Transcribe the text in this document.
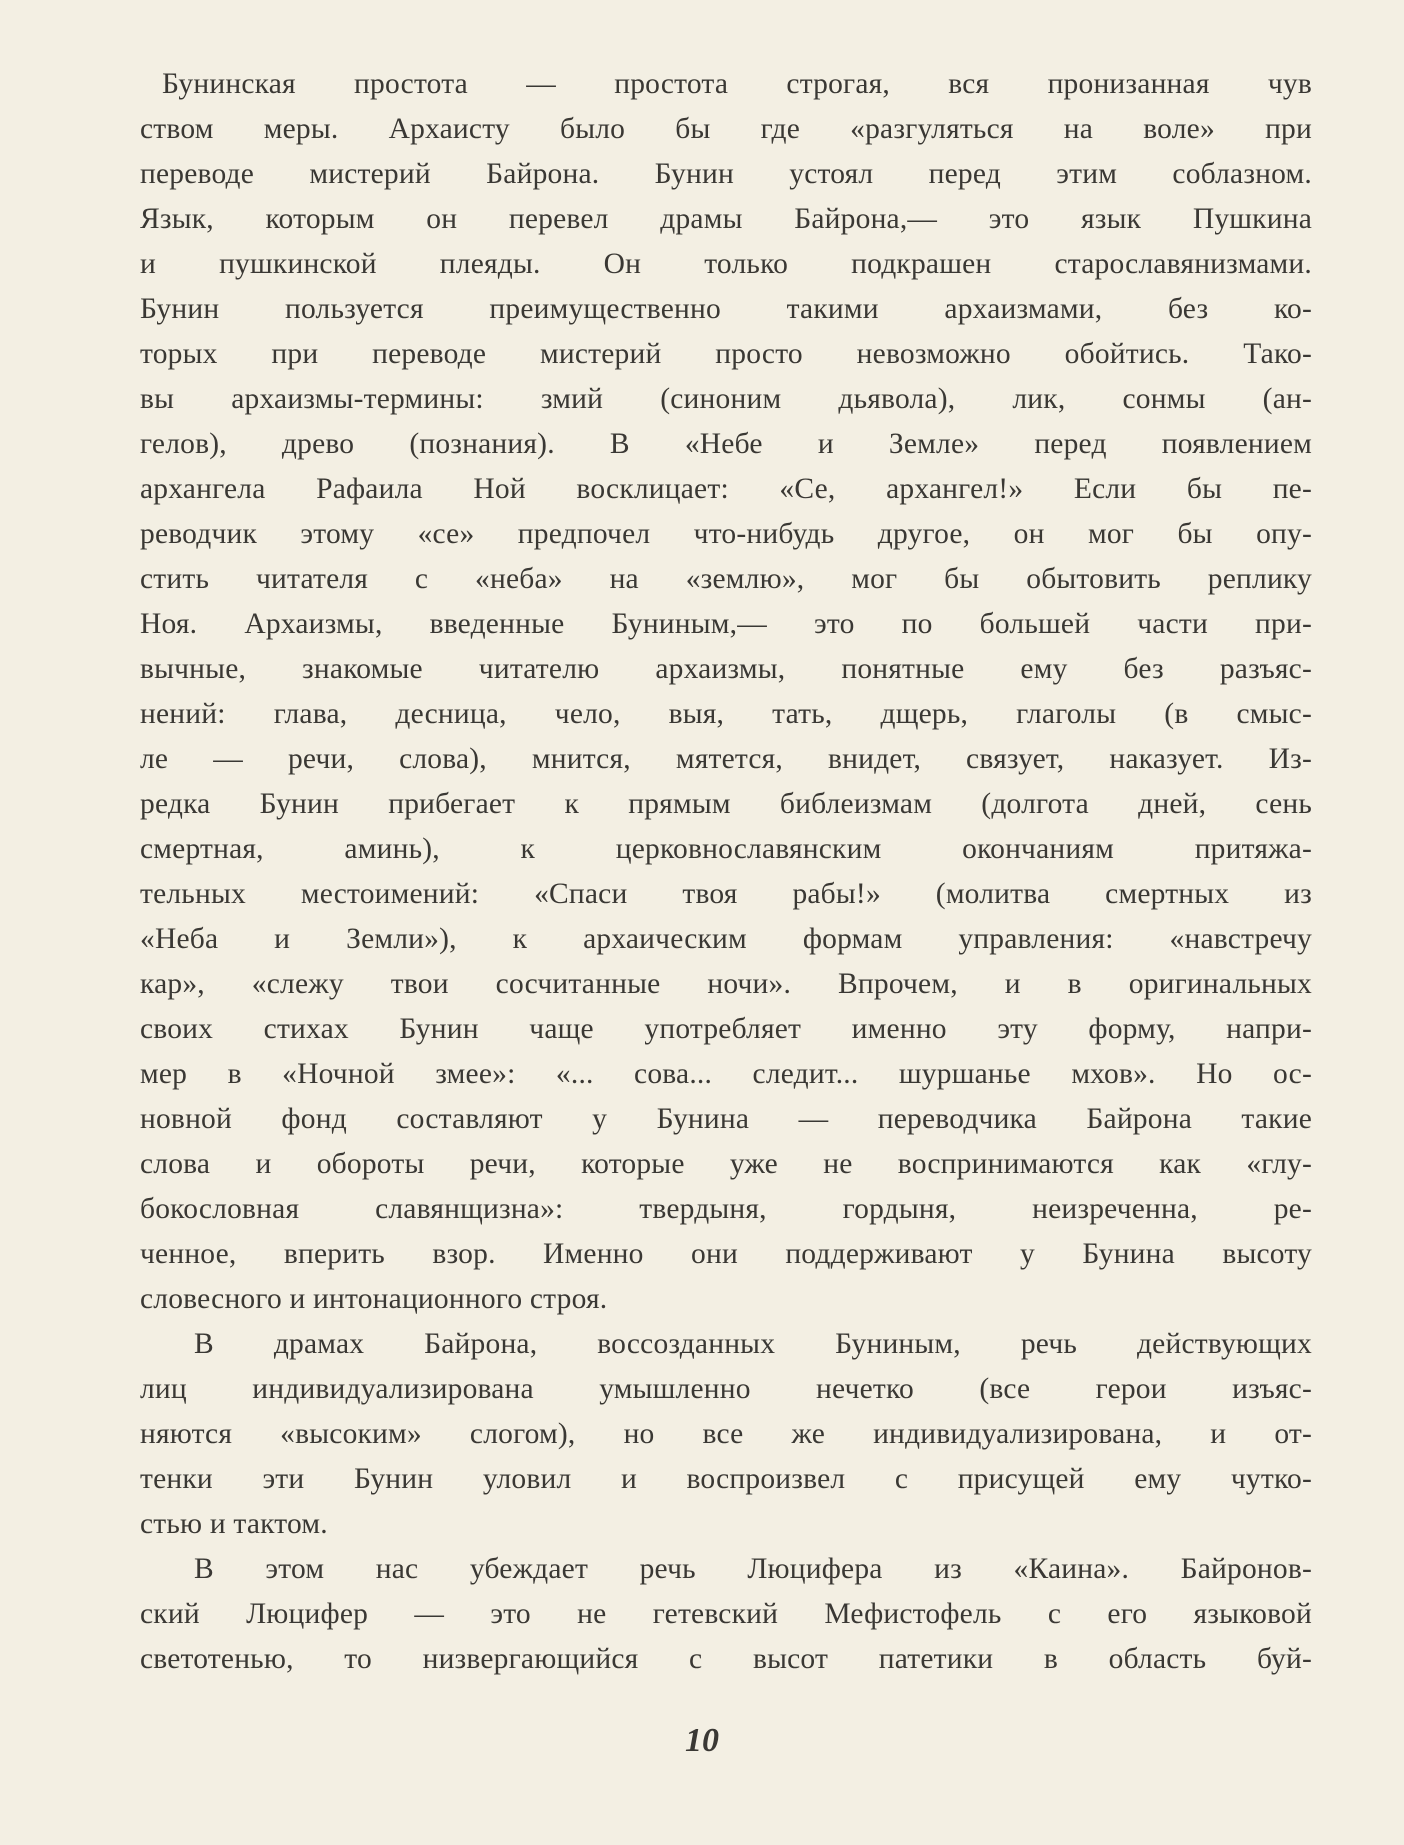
Бунинская простота — простота строгая, вся пронизанная чув
ством меры. Архаисту было бы где «разгуляться на воле» при
переводе мистерий Байрона. Бунин устоял перед этим соблазном.
Язык, которым он перевел драмы Байрона,— это язык Пушкина
и пушкинской плеяды. Он только подкрашен старославянизмами.
Бунин пользуется преимущественно такими архаизмами, без ко-
торых при переводе мистерий просто невозможно обойтись. Тако-
вы архаизмы-термины: змий (синоним дьявола), лик, сонмы (ан-
гелов), древо (познания). В «Небе и Земле» перед появлением
архангела Рафаила Ной восклицает: «Се, архангел!» Если бы пе-
реводчик этому «се» предпочел что-нибудь другое, он мог бы опу-
стить читателя с «неба» на «землю», мог бы обытовить реплику
Ноя. Архаизмы, введенные Буниным,— это по большей части при-
вычные, знакомые читателю архаизмы, понятные ему без разъяс-
нений: глава, десница, чело, выя, тать, дщерь, глаголы (в смыс-
ле — речи, слова), мнится, мятется, внидет, связует, наказует. Из-
редка Бунин прибегает к прямым библеизмам (долгота дней, сень
смертная, аминь), к церковнославянским окончаниям притяжа-
тельных местоимений: «Спаси твоя рабы!» (молитва смертных из
«Неба и Земли»), к архаическим формам управления: «навстречу
кар», «слежу твои сосчитанные ночи». Впрочем, и в оригинальных
своих стихах Бунин чаще употребляет именно эту форму, напри-
мер в «Ночной змее»: «... сова... следит... шуршанье мхов». Но ос-
новной фонд составляют у Бунина — переводчика Байрона такие
слова и обороты речи, которые уже не воспринимаются как «глу-
бокословная славянщизна»: твердыня, гордыня, неизреченна, ре-
ченное, вперить взор. Именно они поддерживают у Бунина высоту
словесного и интонационного строя.
В драмах Байрона, воссозданных Буниным, речь действующих
лиц индивидуализирована умышленно нечетко (все герои изъяс-
няются «высоким» слогом), но все же индивидуализирована, и от-
тенки эти Бунин уловил и воспроизвел с присущей ему чутко-
стью и тактом.
В этом нас убеждает речь Люцифера из «Каина». Байронов-
ский Люцифер — это не гетевский Мефистофель с его языковой
светотенью, то низвергающийся с высот патетики в область буй-
10
